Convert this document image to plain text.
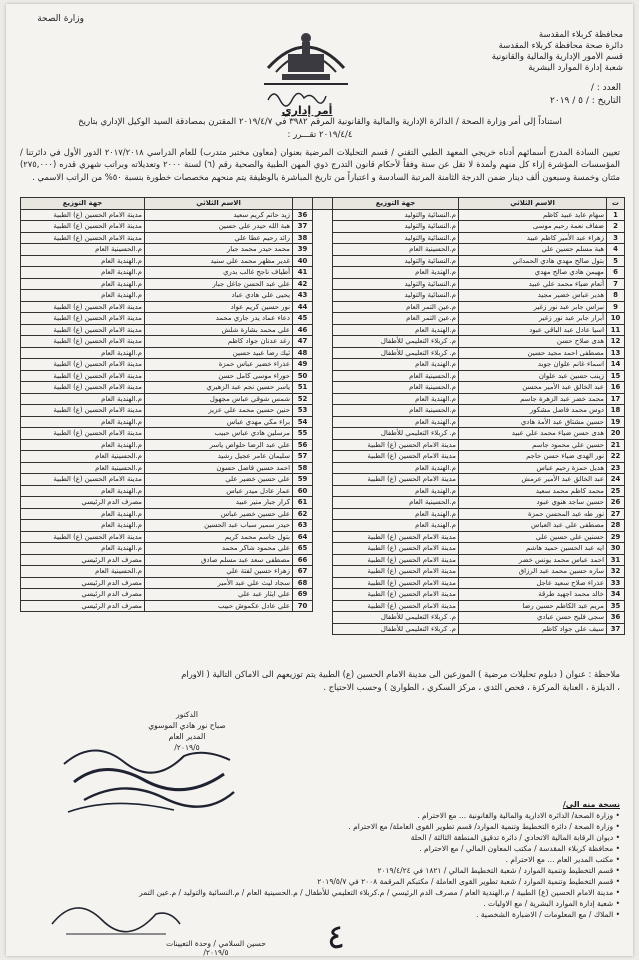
وزارة الصحة
محافظة كربلاء المقدسة
دائرة صحة محافظة كربلاء المقدسة
قسم الأمور الإدارية والمالية والقانونية
شعبة إدارة الموارد البشرية
العدد : /
التاريخ : / ٥ / ٢٠١٩
أمر إداري
استناداً إلى أمر وزارة الصحة / الدائرة الإدارية والمالية والقانونية المرقم ٣٩٨٢ في ٢٠١٩/٤/٧ المقترن بمصادقة السيد الوكيل الإداري بتاريخ
٢٠١٩/٤/٤ تقـــرر :
تعيين السادة المدرج أسمائهم أدناه خريجي المعهد الطبي التقني / قسم التحليلات المرضية بعنوان (معاون مختبر متدرب) للعام الدراسي ٢٠١٧/٢٠١٨ الدور الأول في دائرتنا / المؤسسات المؤشرة إزاء كل منهم ولمدة لا تقل عن سنة وفقاً لأحكام قانون التدرج ذوي المهن الطبية والصحية رقم (٦) لسنة ٢٠٠٠ وتعديلاته وبراتب شهري قدره (٢٧٥,٠٠٠) مئتان وخمسة وسبعون ألف دينار ضمن الدرجة الثامنة المرتبة السادسة و اعتباراً من تاريخ المباشرة بالوظيفة يتم منحهم مخصصات خطورة بنسبة ٥٠% من الراتب الاسمي .
ت	الاسم الثلاثي	جهة التوزيع			الاسم الثلاثي	جهة التوزيع
1	سهام عايد عبيد كاظم	م.النسائية والتوليد		36	زيد حاتم كريم سعيد	مدينة الامام الحسين (ع) الطبية
2	ضفاف نعمة رحيم موسى	م.النسائية والتوليد		37	هبة الله حيدر علي حسين	مدينة الامام الحسين (ع) الطبية
3	زهراء عبد الأمير كاظم عبيد	م.النسائية والتوليد		38	رائد رحيم عطا علي	مدينة الامام الحسين (ع) الطبية
4	هبة مسلم حسين علي	م.الحسينية العام		39	محمد حيدر محمد جبار	م.الحسينية العام
5	بتول صالح مهدي هادي الحمداني	م.النسائية والتوليد		40	غدير مظهر محمد علي سنيد	م.الهندية العام
6	مهيمن هادي صالح مهدي	م.الهندية العام		41	أطياف ناجح غالب بدري	م.الهندية العام
7	أنعام ضياء محمد علي عبيد	م.النسائية والتوليد		42	علي عبد الحسن جاغل جبار	م.الهندية العام
8	هدير عباس خضير مجيد	م.النسائية والتوليد		43	يحيى علي هادي عباد	م.الهندية العام
9	نبراس جابر عبد نور زغير	م.عين التمر العام		44	نور حسين كريم عواد	مدينة الامام الحسين (ع) الطبية
10	أبرار جابر عبد نور زغير	م.عين التمر العام		45	دعاء عماد يدر جاري محمد	مدينة الامام الحسين (ع) الطبية
11	اسيا عادل عبد الباقي عبود	م.الهندية العام		46	علي محمد بشارة شلش	مدينة الامام الحسين (ع) الطبية
12	هدى صلاح حسن	م. كربلاء التعليمي للأطفال		47	رغد عدنان جواد كاظم	مدينة الامام الحسين (ع) الطبية
13	مصطفى احمد مجيد حسين	م. كربلاء التعليمي للأطفال		48	ثيك رضا عبيد حسين	م.الهندية العام
14	اسماء غانم علوان جويد	م.الهندية العام		49	عذراء خضير عباس حمزة	مدينة الامام الحسين (ع) الطبية
15	زينب حسين عبد علوان	م.الحسينية العام		50	حوراء موسى كامل حسن	مدينة الامام الحسين (ع) الطبية
16	عبد الخالق عبد الأمير محسن	م.الحسينية العام		51	ياسر حسين نجم عبد الزهيري	مدينة الامام الحسين (ع) الطبية
17	محمد خضر عبد الزهرة جاسم	م.الهندية العام		52	شمس شوقي عباس مجهول	م.الهندية العام
18	دوس محمد فاضل مشكور	م.الحسينية العام		53	حنين حسين محمد علي عزيز	مدينة الامام الحسين (ع) الطبية
19	حسين مشتاق عبد الأمة هادي	م.الهندية العام		54	براء مكي مهدي عباس	م.الهندية العام
20	هدى حسن ضياء محمد علي عبيد	م. كربلاء التعليمي للأطفال		55	مرسلين هادي عباس حبيب	مدينة الامام الحسين (ع) الطبية
21	حسين علي محمود جاسم	مدينة الامام الحسين (ع) الطبية		56	علي عبد الرضا حلواص ياسر	م.الهندية العام
22	نور الهدى ضياء حسن حاجم	مدينة الامام الحسين (ع) الطبية		57	سليمان عامر عجيل رشيد	م.الحسينية العام
23	هديل حمزة رحيم عباس	م.الهندية العام		58	احمد حسين فاضل حسون	م.الحسينية العام
24	عبد الخالق عبد الأمير عرمش	مدينة الامام الحسين (ع) الطبية		59	علي حسين خضير علي	مدينة الامام الحسين (ع) الطبية
25	محمد كاظم محمد سعيد	م.الهندية العام		60	عمار عادل ميدر عباس	م.الهندية العام
26	حسين ساجد هنوي عبود	م.الحسينية العام		61	كرار جبار منير عبيد	مصرف الدم الرئيسي
27	نور طه عبد المحسن حمزة	م.الهندية العام		62	علي حسين خضير عباس	م.الهندية العام
28	مصطفى علي عبد العباس	م.الهندية العام		63	حيدر سمير سباب عبد الحسين	م.الهندية العام
29	حسنين علي حسين علي	مدينة الامام الحسين (ع) الطبية		64	بتول جاسم محمد كريم	مدينة الامام الحسين (ع) الطبية
30	ايه عبد الحسين حميد هاشم	مدينة الامام الحسين (ع) الطبية		65	علي محمود شاكر محمد	م.الهندية العام
31	احمد عباس محمد يونس خضر	مدينة الامام الحسين (ع) الطبية		66	مصطفى سعد عبد مسلم صادق	مصرف الدم الرئيسي
32	ساره حسين محمد عبد الرزاق	مدينة الامام الحسين (ع) الطبية		67	زهراء حسين لفتة علي	م.الحسينية العام
33	عذراء صلاح سعيد عاجل	مدينة الامام الحسين (ع) الطبية		68	سجاد ليث علي عبد الأمير	مصرف الدم الرئيسي
34	خالد محمد اجهيد طرقة	مدينة الامام الحسين (ع) الطبية		69	علي ايثار عبد علي	مصرف الدم الرئيسي
35	مريم عبد الكاظم حسين رضا	مدينة الامام الحسين (ع) الطبية		70	علي عادل عكموش حبيب	مصرف الدم الرئيسي
36	سجى فليح حسن عبادي	م. كربلاء التعليمي للأطفال				
37	سيف علي جواد كاظم	م. كربلاء التعليمي للأطفال				
ملاحظة : عنوان ( دبلوم تحليلات مرضية ) الموزعين الى مدينة الامام الحسين (ع) الطبية يتم توزيعهم الى الاماكن التالية ( الاورام
، الديلزة ، العناية المركزة ، فحص الثدي ، مركز السكري ، الطوارئ ) وحسب الاحتياج .
الدكتور
صباح نور هادي الموسوي
المدير العام
٢٠١٩/٥/
نسخة منه الى/
• وزارة الصحة/ الدائرة الادارية والمالية والقانونية ... مع الاحترام .
• وزارة الصحة / دائرة التخطيط وتنمية الموارد/ قسم تطوير القوى العاملة/ مع الاحترام .
• ديوان الرقابة المالية الاتحادي / دائرة تدقيق المنطقة الثالثة / الحلة
• محافظة كربلاء المقدسة / مكتب المعاون المالي / مع الاحترام .
• مكتب المدير العام ... مع الاحترام .
• قسم التخطيط وتنمية الموارد / شعبة التخطيط المالي / ١٨٢١ في ٢٠١٩/٤/٢٤
• قسم التخطيط وتنمية الموارد / شعبة تطوير القوى العاملة / مكتبكم المرقمة ٢٠٠٨ في ٢٠١٩/٥/٧
• مدينة الامام الحسين (ع) الطبية / م.الهندية العام / مصرف الدم الرئيسي / م.كربلاء التعليمي للأطفال / م.الحسينية العام / م.النسائية والتوليد / م.عين التمر
• شعبة إدارة الموارد البشرية / مع الاوليات .
• الملاك / مع المعلومات / الاضبارة الشخصية .
حسين السلامي / وحدة التعيينات ٢٠١٩/٥/	٤
